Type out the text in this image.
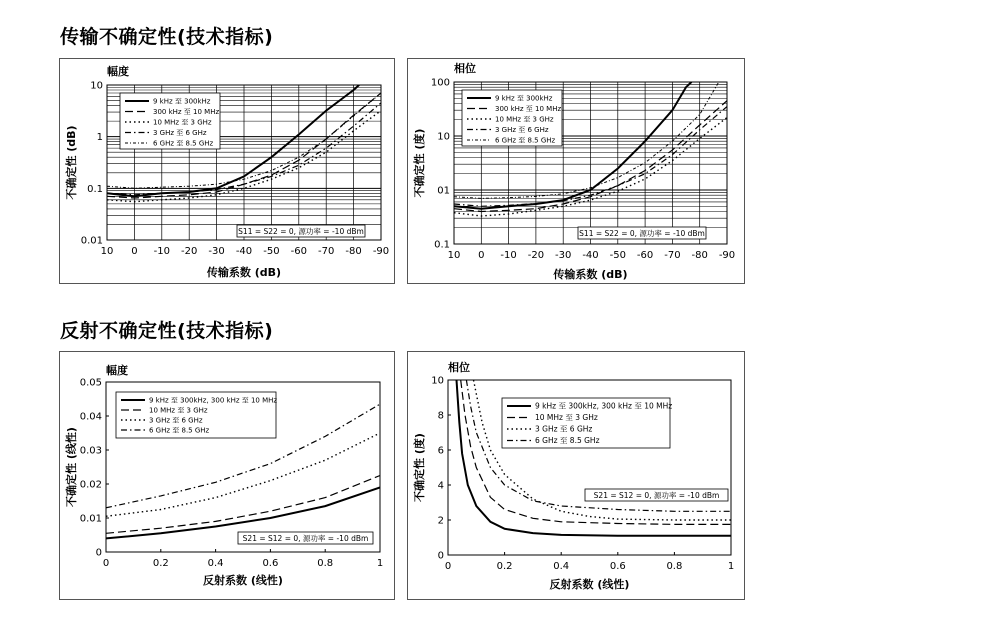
传输不确定性(技术指标)
反射不确定性(技术指标)
10
1
0.1
0.01
10 0 -10 -20 -30 -40 -50 -60 -70 -80 -90
幅度
传输系数 (dB)
不确定性 (dB)
S11 = S22 = 0, 源功率 = -10 dBm
9 kHz 至 300kHz
300 kHz 至 10 MHz
10 MHz 至 3 GHz
3 GHz 至 6 GHz
6 GHz 至 8.5 GHz
100
10
01
0.1
10 0 -10 -20 -30 -40 -50 -60 -70 -80 -90
相位
传输系数 (dB)
不确定性 (度)
S11 = S22 = 0, 源功率 = -10 dBm
9 kHz 至 300kHz
300 kHz 至 10 MHz
10 MHz 至 3 GHz
3 GHz 至 6 GHz
6 GHz 至 8.5 GHz
0.05
0.04
0.03
0.02
0.01
0
0	0.2	0.4	0.6	0.8	1
幅度
反射系数 (线性)
不确定性 (线性)
S21 = S12 = 0, 源功率 = -10 dBm
9 kHz 至 300kHz, 300 kHz 至 10 MHz
10 MHz 至 3 GHz
3 GHz 至 6 GHz
6 GHz 至 8.5 GHz
10
8
6
4
2
0
0	0.2	0.4	0.6	0.8	1
相位
反射系数 (线性)
不确定性 (度)	S21 = S12 = 0, 源功率 = -10 dBm
9 kHz 至 300kHz, 300 kHz 至 10 MHz
10 MHz 至 3 GHz
3 GHz 至 6 GHz
6 GHz 至 8.5 GHz
